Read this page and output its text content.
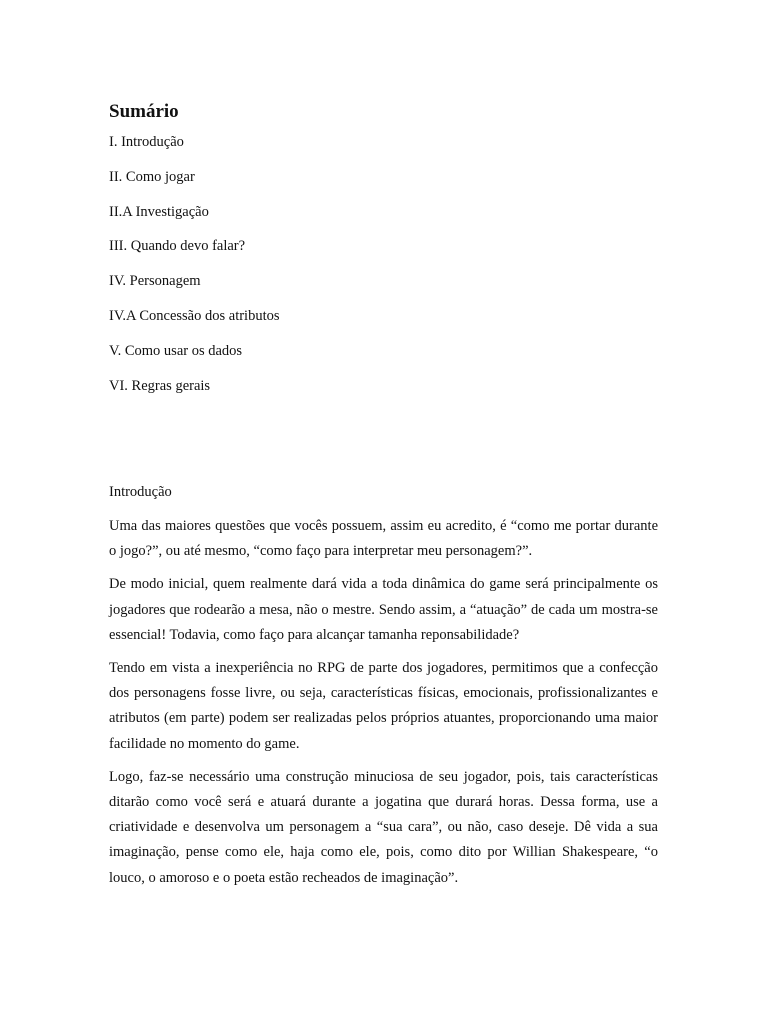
Sumário
I. Introdução
II. Como jogar
II.A Investigação
III. Quando devo falar?
IV. Personagem
IV.A Concessão dos atributos
V. Como usar os dados
VI. Regras gerais
Introdução

Uma das maiores questões que vocês possuem, assim eu acredito, é “como me portar durante o jogo?”, ou até mesmo, “como faço para interpretar meu personagem?”.

De modo inicial, quem realmente dará vida a toda dinâmica do game será principalmente os jogadores que rodearão a mesa, não o mestre. Sendo assim, a “atuação” de cada um mostra-se essencial! Todavia, como faço para alcançar tamanha reponsabilidade?

Tendo em vista a inexperiência no RPG de parte dos jogadores, permitimos que a confecção dos personagens fosse livre, ou seja, características físicas, emocionais, profissionalizantes e atributos (em parte) podem ser realizadas pelos próprios atuantes, proporcionando uma maior facilidade no momento do game.

Logo, faz-se necessário uma construção minuciosa de seu jogador, pois, tais características ditarão como você será e atuará durante a jogatina que durará horas. Dessa forma, use a criatividade e desenvolva um personagem a “sua cara”, ou não, caso deseje. Dê vida a sua imaginação, pense como ele, haja como ele, pois, como dito por Willian Shakespeare, “o louco, o amoroso e o poeta estão recheados de imaginação”.
